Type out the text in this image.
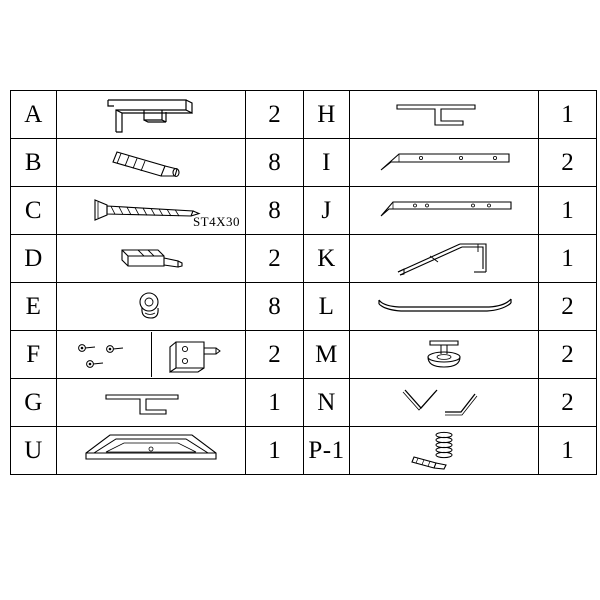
A		2	H		1
B		8	I		2
C	ST4X30	8	J		1
D		2	K		1
E		8	L		2
F		2	M		2
G		1	N		2
U		1	P-1		1
